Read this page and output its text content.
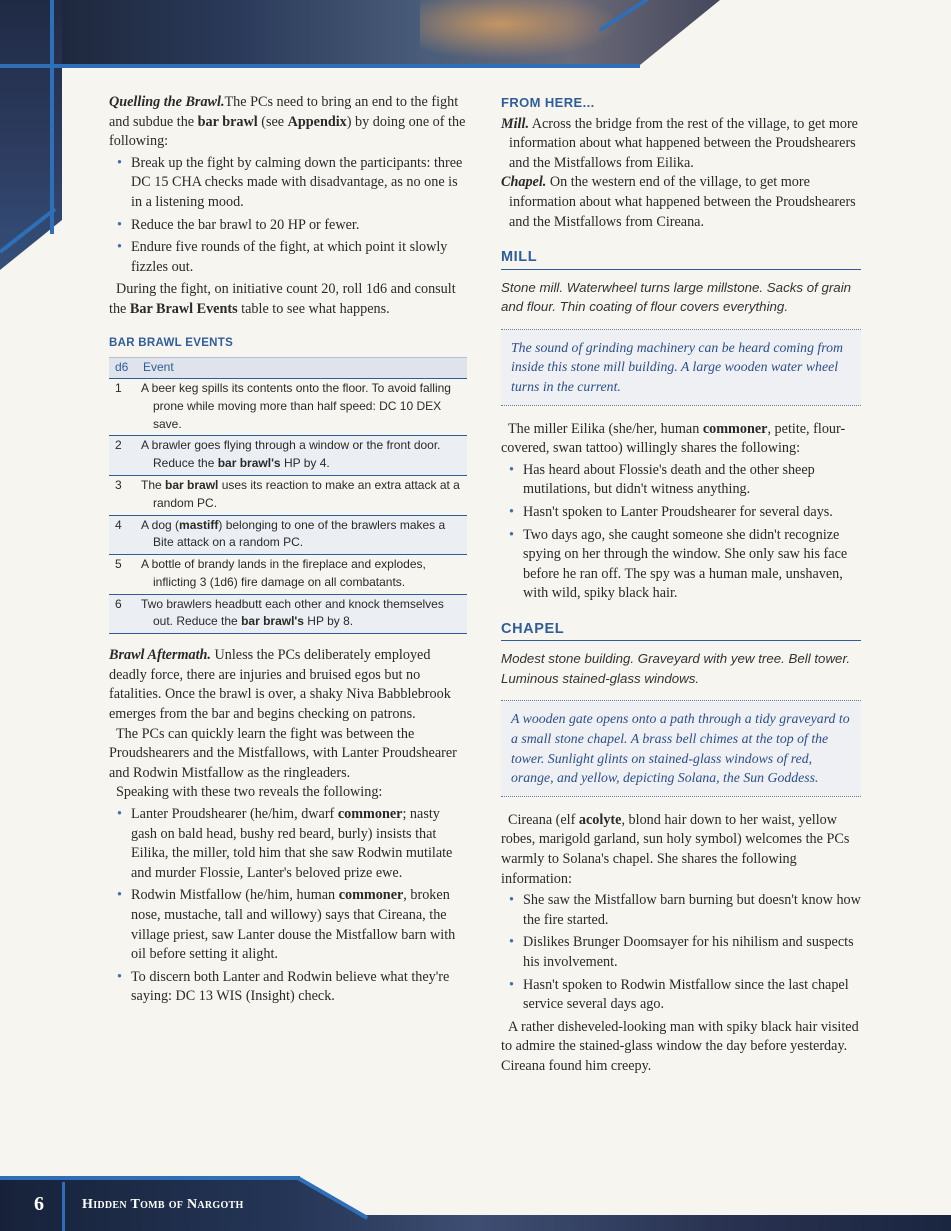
Quelling the Brawl.The PCs need to bring an end to the fight and subdue the bar brawl (see Appendix) by doing one of the following:

• Break up the fight by calming down the participants: three DC 15 CHA checks made with disadvantage, as no one is in a listening mood.
• Reduce the bar brawl to 20 HP or fewer.
• Endure five rounds of the fight, at which point it slowly fizzles out.

During the fight, on initiative count 20, roll 1d6 and consult the Bar Brawl Events table to see what happens.

BAR BRAWL EVENTS
d6	Event
1	A beer keg spills its contents onto the floor. To avoid falling prone while moving more than half speed: DC 10 DEX save.

2	A brawler goes flying through a window or the front door. Reduce the bar brawl's HP by 4.

3	The bar brawl uses its reaction to make an extra attack at a random PC.

4	A dog (mastiff) belonging to one of the brawlers makes a Bite attack on a random PC.

5	A bottle of brandy lands in the fireplace and explodes, inflicting 3 (1d6) fire damage on all combatants.

6	Two brawlers headbutt each other and knock themselves out. Reduce the bar brawl's HP by 8.

Brawl Aftermath. Unless the PCs deliberately employed deadly force, there are injuries and bruised egos but no fatalities. Once the brawl is over, a shaky Niva Babblebrook emerges from the bar and begins checking on patrons.

The PCs can quickly learn the fight was between the Proudshearers and the Mistfallows, with Lanter Proudshearer and Rodwin Mistfallow as the ringleaders.

Speaking with these two reveals the following:

• Lanter Proudshearer (he/him, dwarf commoner; nasty gash on bald head, bushy red beard, burly) insists that Eilika, the miller, told him that she saw Rodwin mutilate and murder Flossie, Lanter's beloved prize ewe.
• Rodwin Mistfallow (he/him, human commoner, broken nose, mustache, tall and willowy) says that Cireana, the village priest, saw Lanter douse the Mistfallow barn with oil before setting it alight.
• To discern both Lanter and Rodwin believe what they're saying: DC 13 WIS (Insight) check.
FROM HERE...

Mill. Across the bridge from the rest of the village, to get more information about what happened between the Proudshearers and the Mistfallows from Eilika.

Chapel. On the western end of the village, to get more information about what happened between the Proudshearers and the Mistfallows from Cireana.

MILL

Stone mill. Waterwheel turns large millstone. Sacks of grain and flour. Thin coating of flour covers everything.

The sound of grinding machinery can be heard coming from inside this stone mill building. A large wooden water wheel turns in the current.

The miller Eilika (she/her, human commoner, petite, flour-covered, swan tattoo) willingly shares the following:

• Has heard about Flossie's death and the other sheep mutilations, but didn't witness anything.
• Hasn't spoken to Lanter Proudshearer for several days.
• Two days ago, she caught someone she didn't recognize spying on her through the window. She only saw his face before he ran off. The spy was a human male, unshaven, with wild, spiky black hair.
CHAPEL

Modest stone building. Graveyard with yew tree. Bell tower. Luminous stained-glass windows.

A wooden gate opens onto a path through a tidy graveyard to a small stone chapel. A brass bell chimes at the top of the tower. Sunlight glints on stained-glass windows of red, orange, and yellow, depicting Solana, the Sun Goddess.

Cireana (elf acolyte, blond hair down to her waist, yellow robes, marigold garland, sun holy symbol) welcomes the PCs warmly to Solana's chapel. She shares the following information:

• She saw the Mistfallow barn burning but doesn't know how the fire started.
• Dislikes Brunger Doomsayer for his nihilism and suspects his involvement.
• Hasn't spoken to Rodwin Mistfallow since the last chapel service several days ago.

A rather disheveled-looking man with spiky black hair visited to admire the stained-glass window the day before yesterday. Cireana found him creepy.

6	Hidden Tomb of Nargoth
